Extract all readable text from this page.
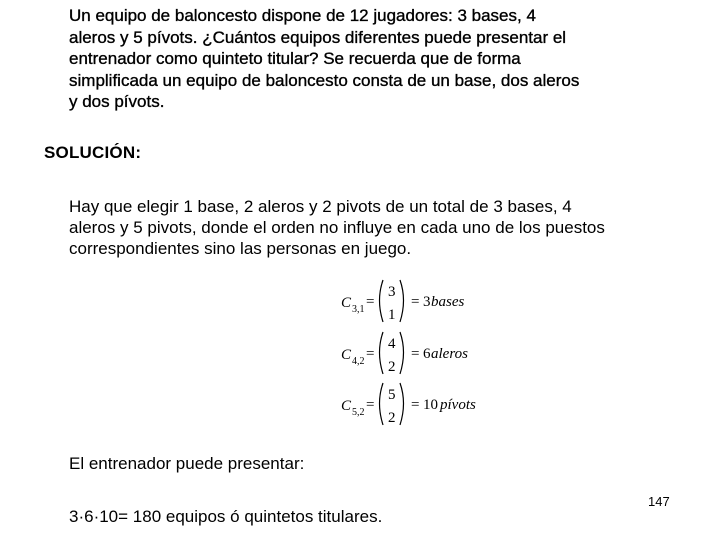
Un equipo de baloncesto dispone de 12 jugadores: 3 bases, 4
aleros y 5 pívots. ¿Cuántos equipos diferentes puede presentar el
entrenador como quinteto titular? Se recuerda que de forma
simplificada un equipo de baloncesto consta de un base, dos aleros
y dos pívots.
SOLUCIÓN:
Hay que elegir 1 base, 2 aleros y 2 pivots de un total de 3 bases, 4
aleros y 5 pivots, donde el orden no influye en cada uno de los puestos
correspondientes sino las personas en juego.
C 3,1 =
3
1
= 3 bases
C 4,2 =
4
2
= 6 aleros
C 5,2 =
5
2
= 10 pívots
El entrenador puede presentar:
3·6·10= 180 equipos ó quintetos titulares.
147
